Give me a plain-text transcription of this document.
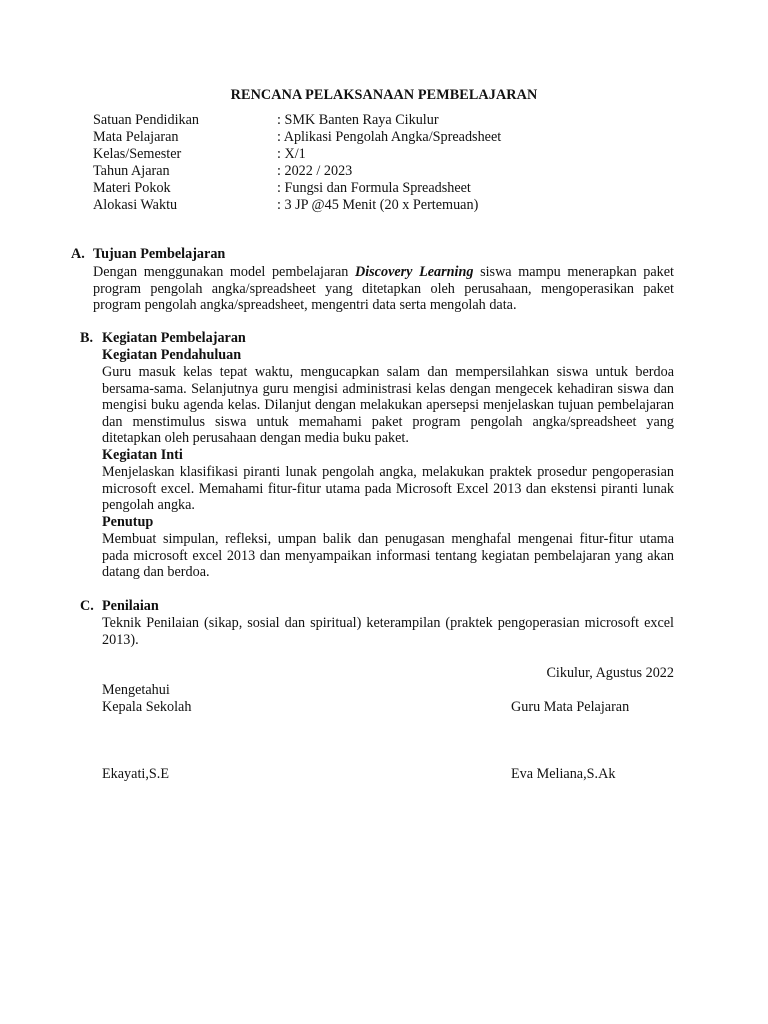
RENCANA PELAKSANAAN PEMBELAJARAN
Satuan Pendidikan	: SMK Banten Raya Cikulur
Mata Pelajaran	: Aplikasi Pengolah Angka/Spreadsheet
Kelas/Semester	: X/1
Tahun Ajaran	: 2022 / 2023
Materi Pokok	: Fungsi dan Formula Spreadsheet
Alokasi Waktu	: 3 JP @45 Menit (20 x Pertemuan)
A. Tujuan Pembelajaran
Dengan menggunakan model pembelajaran Discovery Learning siswa mampu menerapkan paket program pengolah angka/spreadsheet yang ditetapkan oleh perusahaan, mengoperasikan paket program pengolah angka/spreadsheet, mengentri data serta mengolah data.
B. Kegiatan Pembelajaran
Kegiatan Pendahuluan
Guru masuk kelas tepat waktu, mengucapkan salam dan mempersilahkan siswa untuk berdoa bersama-sama. Selanjutnya guru mengisi administrasi kelas dengan mengecek kehadiran siswa dan mengisi buku agenda kelas. Dilanjut dengan melakukan apersepsi menjelaskan tujuan pembelajaran dan menstimulus siswa untuk memahami paket program pengolah angka/spreadsheet yang ditetapkan oleh perusahaan dengan media buku paket.
Kegiatan Inti
Menjelaskan klasifikasi piranti lunak pengolah angka, melakukan praktek prosedur pengoperasian microsoft excel. Memahami fitur-fitur utama pada Microsoft Excel 2013 dan ekstensi piranti lunak pengolah angka.
Penutup
Membuat simpulan, refleksi, umpan balik dan penugasan menghafal mengenai fitur-fitur utama pada microsoft excel 2013 dan menyampaikan informasi tentang kegiatan pembelajaran yang akan datang dan berdoa.
C. Penilaian
Teknik Penilaian (sikap, sosial dan spiritual) keterampilan (praktek pengoperasian microsoft excel 2013).
Cikulur, Agustus 2022
Mengetahui
Kepala Sekolah	Guru Mata Pelajaran
Ekayati,S.E	Eva Meliana,S.Ak
